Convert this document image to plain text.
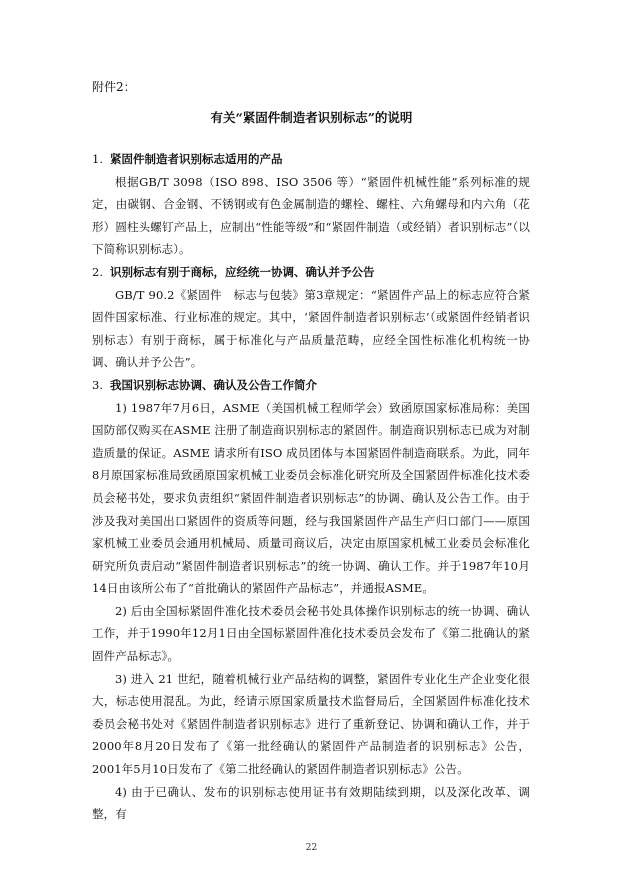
附件2：
有关“紧固件制造者识别标志”的说明
1. 紧固件制造者识别标志适用的产品

根据GB/T 3098（ISO 898、ISO 3506 等）“紧固件机械性能”系列标准的规定，由碳钢、合金钢、不锈钢或有色金属制造的螺栓、螺柱、六角螺母和内六角（花形）圆柱头螺钉产品上，应制出“性能等级”和“紧固件制造（或经销）者识别标志”（以下简称识别标志）。

2. 识别标志有别于商标，应经统一协调、确认并予公告

GB/T 90.2《紧固件　标志与包装》第3章规定：“紧固件产品上的标志应符合紧固件国家标准、行业标准的规定。其中，‘紧固件制造者识别标志’（或紧固件经销者识别标志）有别于商标，属于标准化与产品质量范畴，应经全国性标准化机构统一协调、确认并予公告”。

3. 我国识别标志协调、确认及公告工作简介

1) 1987年7月6日，ASME（美国机械工程师学会）致函原国家标准局称：美国国防部仅购买在ASME 注册了制造商识别标志的紧固件。制造商识别标志已成为对制造质量的保证。ASME 请求所有ISO 成员团体与本国紧固件制造商联系。为此，同年8月原国家标准局致函原国家机械工业委员会标准化研究所及全国紧固件标准化技术委员会秘书处，要求负责组织“紧固件制造者识别标志”的协调、确认及公告工作。由于涉及我对美国出口紧固件的资质等问题，经与我国紧固件产品生产归口部门——原国家机械工业委员会通用机械局、质量司商议后，决定由原国家机械工业委员会标准化研究所负责启动“紧固件制造者识别标志”的统一协调、确认工作。并于1987年10月14日由该所公布了“首批确认的紧固件产品标志”，并通报ASME。

2) 后由全国标紧固件准化技术委员会秘书处具体操作识别标志的统一协调、确认工作，并于1990年12月1日由全国标紧固件准化技术委员会发布了《第二批确认的紧固件产品标志》。

3) 进入 21 世纪，随着机械行业产品结构的调整，紧固件专业化生产企业变化很大，标志使用混乱。为此，经请示原国家质量技术监督局后，全国紧固件标准化技术委员会秘书处对《紧固件制造者识别标志》进行了重新登记、协调和确认工作，并于2000年8月20日发布了《第一批经确认的紧固件产品制造者的识别标志》公告， 2001年5月10日发布了《第二批经确认的紧固件制造者识别标志》公告。

4) 由于已确认、发布的识别标志使用证书有效期陆续到期，以及深化改革、调整，有

22
